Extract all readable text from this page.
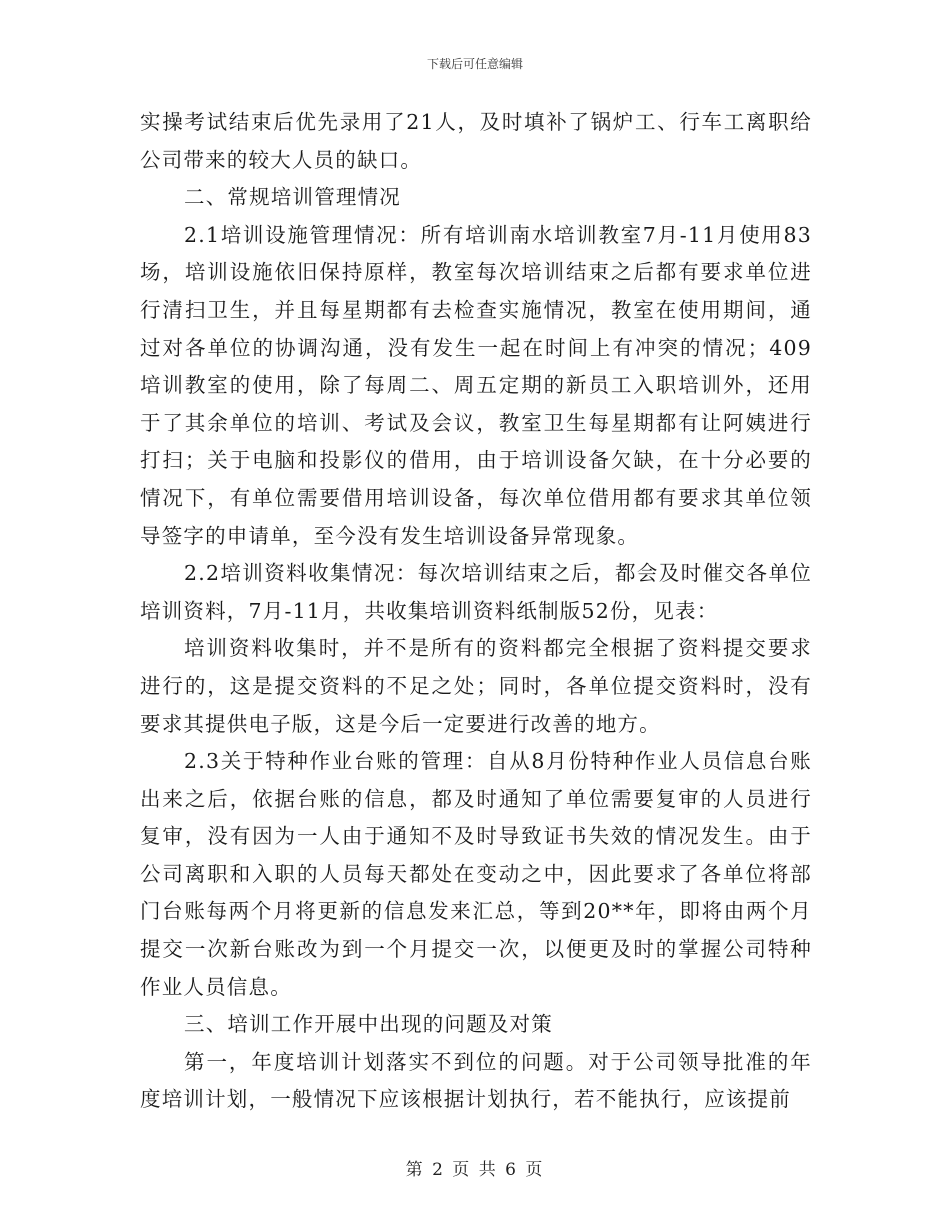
下载后可任意编辑

实操考试结束后优先录用了21人，及时填补了锅炉工、行车工离职给公司带来的较大人员的缺口。

二、常规培训管理情况

2.1培训设施管理情况：所有培训南水培训教室7月-11月使用83场，培训设施依旧保持原样，教室每次培训结束之后都有要求单位进行清扫卫生，并且每星期都有去检查实施情况，教室在使用期间，通过对各单位的协调沟通，没有发生一起在时间上有冲突的情况；409培训教室的使用，除了每周二、周五定期的新员工入职培训外，还用于了其余单位的培训、考试及会议，教室卫生每星期都有让阿姨进行打扫；关于电脑和投影仪的借用，由于培训设备欠缺，在十分必要的情况下，有单位需要借用培训设备，每次单位借用都有要求其单位领导签字的申请单，至今没有发生培训设备异常现象。

2.2培训资料收集情况：每次培训结束之后，都会及时催交各单位培训资料，7月-11月，共收集培训资料纸制版52份，见表：

培训资料收集时，并不是所有的资料都完全根据了资料提交要求进行的，这是提交资料的不足之处；同时，各单位提交资料时，没有要求其提供电子版，这是今后一定要进行改善的地方。

2.3关于特种作业台账的管理：自从8月份特种作业人员信息台账出来之后，依据台账的信息，都及时通知了单位需要复审的人员进行复审，没有因为一人由于通知不及时导致证书失效的情况发生。由于公司离职和入职的人员每天都处在变动之中，因此要求了各单位将部门台账每两个月将更新的信息发来汇总，等到20**年，即将由两个月提交一次新台账改为到一个月提交一次，以便更及时的掌握公司特种作业人员信息。

三、培训工作开展中出现的问题及对策

第一，年度培训计划落实不到位的问题。对于公司领导批准的年度培训计划，一般情况下应该根据计划执行，若不能执行，应该提前

第 2 页 共 6 页
